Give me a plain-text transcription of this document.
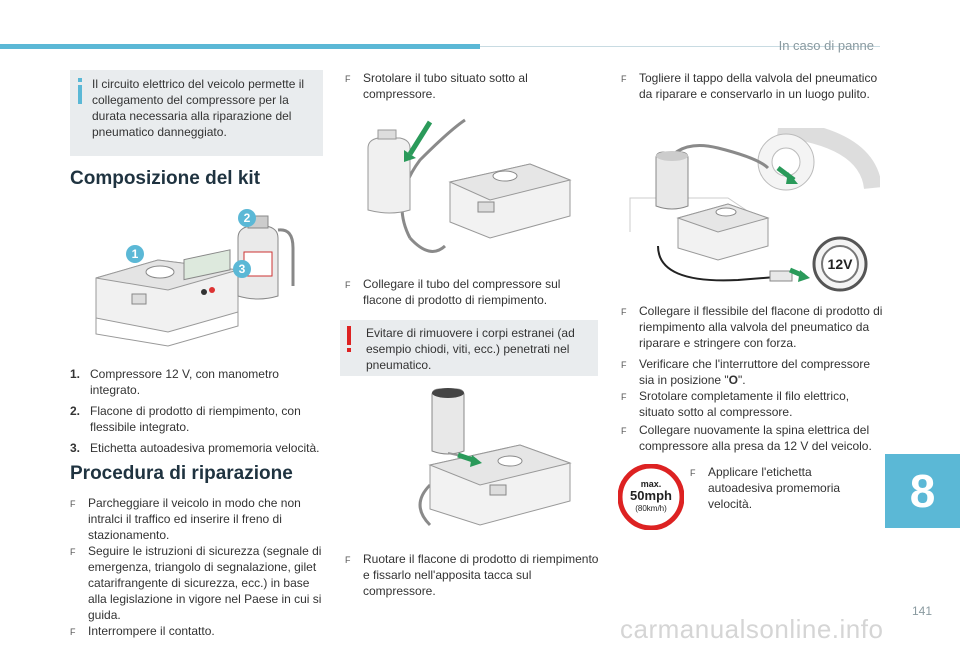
In caso di panne
8
141
carmanualsonline.info
Il circuito elettrico del veicolo permette il collegamento del compressore per la durata necessaria alla riparazione del pneumatico danneggiato.
Composizione del kit
1
2
3
1. Compressore 12 V, con manometro integrato.
2. Flacone di prodotto di riempimento, con flessibile integrato.
3. Etichetta autoadesiva promemoria velocità.
Procedura di riparazione
F	Parcheggiare il veicolo in modo che non intralci il traffico ed inserire il freno di stazionamento.
F	Seguire le istruzioni di sicurezza (segnale di emergenza, triangolo di segnalazione, gilet catarifrangente di sicurezza, ecc.) in base alla legislazione in vigore nel Paese in cui si guida.
F	Interrompere il contatto.
F	Srotolare il tubo situato sotto al compressore.
F	Collegare il tubo del compressore sul flacone di prodotto di riempimento.
Evitare di rimuovere i corpi estranei (ad esempio chiodi, viti, ecc.) penetrati nel pneumatico.
F	Ruotare il flacone di prodotto di riempimento e fissarlo nell'apposita tacca sul compressore.
F	Togliere il tappo della valvola del pneumatico da riparare e conservarlo in un luogo pulito.
12V
F	Collegare il flessibile del flacone di prodotto di riempimento alla valvola del pneumatico da riparare e stringere con forza.
F	Verificare che l'interruttore del compressore sia in posizione "O".
F	Srotolare completamente il filo elettrico, situato sotto al compressore.
F	Collegare nuovamente la spina elettrica del compressore alla presa da 12 V del veicolo.
max.
50mph
(80km/h)
F	Applicare l'etichetta autoadesiva promemoria velocità.
